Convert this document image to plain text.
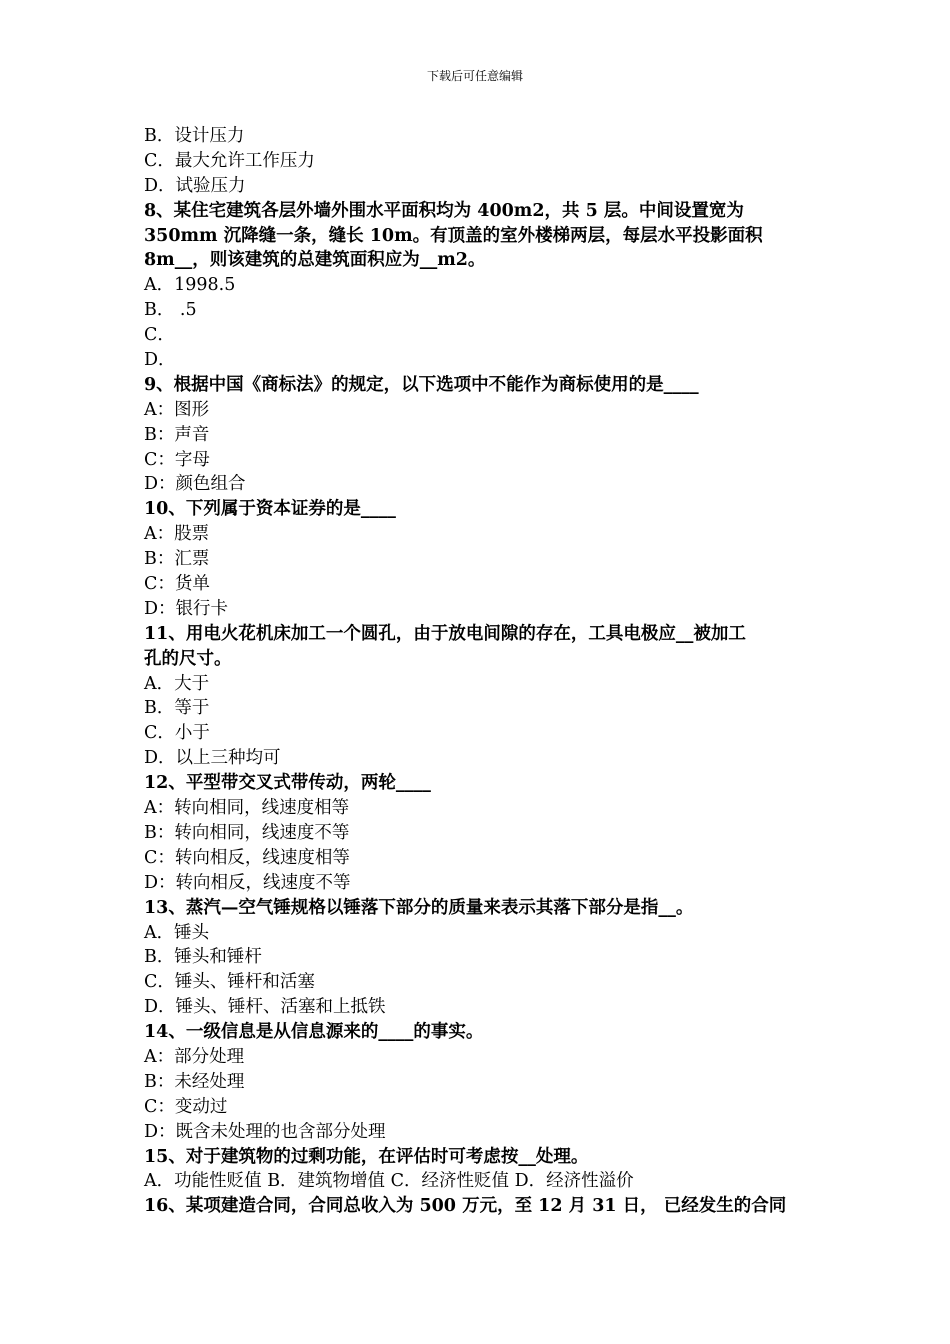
下载后可任意编辑
B．设计压力
C．最大允许工作压力
D．试验压力
8、某住宅建筑各层外墙外围水平面积均为 400m2，共 5 层。中间设置宽为
350mm 沉降缝一条，缝长 10m。有顶盖的室外楼梯两层，每层水平投影面积
8m__，则该建筑的总建筑面积应为__m2。
A．1998.5
B． .5
C．
D．
9、根据中国《商标法》的规定，以下选项中不能作为商标使用的是____
A：图形
B：声音
C：字母
D：颜色组合
10、下列属于资本证券的是____
A：股票
B：汇票
C：货单
D：银行卡
11、用电火花机床加工一个圆孔，由于放电间隙的存在，工具电极应__被加工
孔的尺寸。
A．大于
B．等于
C．小于
D．以上三种均可
12、平型带交叉式带传动，两轮____
A：转向相同，线速度相等
B：转向相同，线速度不等
C：转向相反，线速度相等
D：转向相反，线速度不等
13、蒸汽—空气锤规格以锤落下部分的质量来表示其落下部分是指__。
A．锤头
B．锤头和锤杆
C．锤头、锤杆和活塞
D．锤头、锤杆、活塞和上抵铁
14、一级信息是从信息源来的____的事实。
A：部分处理
B：未经处理
C：变动过
D：既含未处理的也含部分处理
15、对于建筑物的过剩功能，在评估时可考虑按__处理。
A．功能性贬值 B．建筑物增值 C．经济性贬值 D．经济性溢价
16、某项建造合同，合同总收入为 500 万元，至 12 月 31 日， 已经发生的合同
